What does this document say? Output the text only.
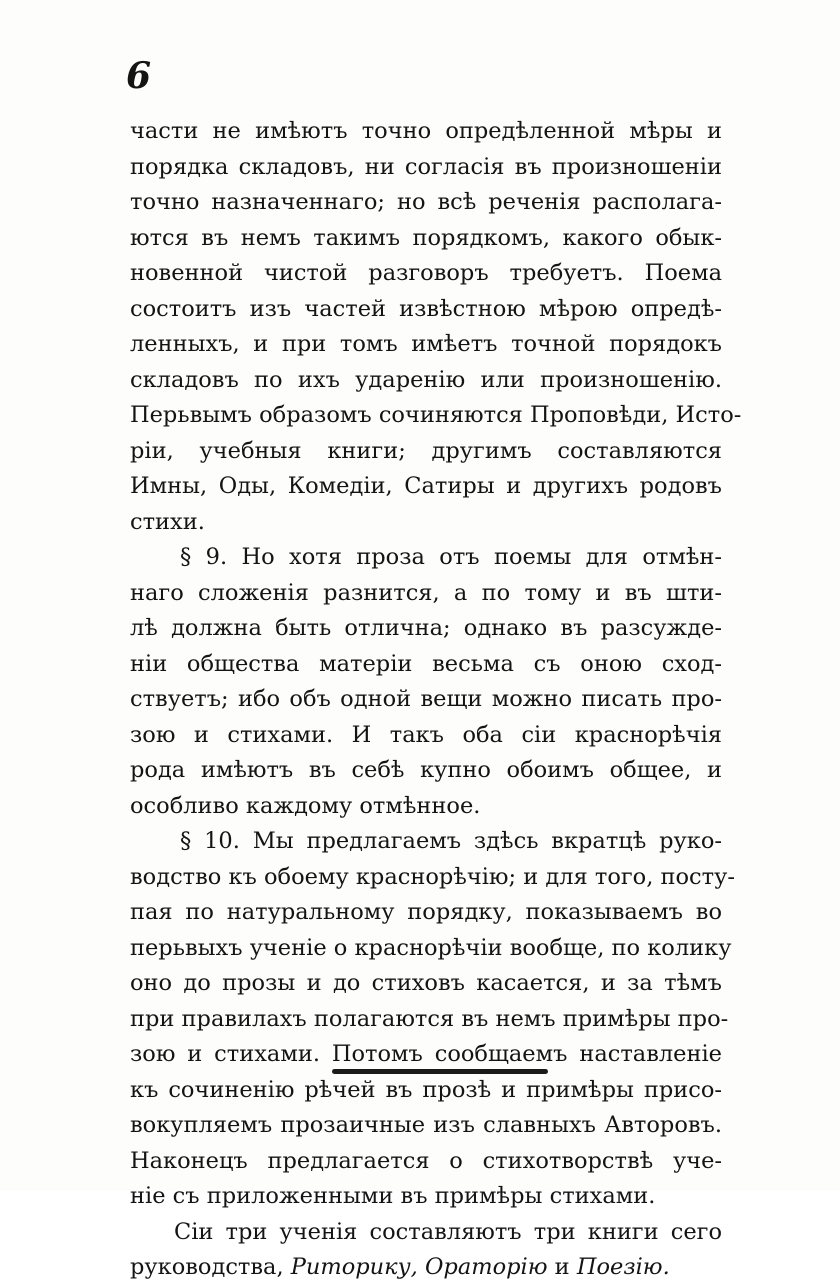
6
части не имѣютъ точно опредѣленной мѣры и
порядка складовъ, ни согласія въ произношеніи
точно назначеннаго; но всѣ реченія располага-
ются въ немъ такимъ порядкомъ, какого обык-
новенной чистой разговоръ требуетъ. Поема
состоитъ изъ частей извѣстною мѣрою опредѣ-
ленныхъ, и при томъ имѣетъ точной порядокъ
складовъ по ихъ ударенію или произношенію.
Перьвымъ образомъ сочиняются Проповѣди, Исто-
ріи, учебныя книги; другимъ составляются
Имны, Оды, Комедіи, Сатиры и другихъ родовъ
стихи.
§ 9. Но хотя проза отъ поемы для отмѣн-
наго сложенія разнится, а по тому и въ шти-
лѣ должна быть отлична; однако въ разсужде-
ніи общества матеріи весьма съ оною сход-
ствуетъ; ибо объ одной вещи можно писать про-
зою и стихами. И такъ оба сіи краснорѣчія
рода имѣютъ въ себѣ купно обоимъ общее, и
особливо каждому отмѣнное.
§ 10. Мы предлагаемъ здѣсь вкратцѣ руко-
водство къ обоему краснорѣчію; и для того, посту-
пая по натуральному порядку, показываемъ во
перьвыхъ ученіе о краснорѣчіи вообще, по колику
оно до прозы и до стиховъ касается, и за тѣмъ
при правилахъ полагаются въ немъ примѣры про-
зою и стихами. Потомъ сообщаемъ наставленіе
къ сочиненію рѣчей въ прозѣ и примѣры присо-
вокупляемъ прозаичные изъ славныхъ Авторовъ.
Наконецъ предлагается о стихотворствѣ уче-
ніе съ приложенными въ примѣры стихами.
Сіи три ученія составляютъ три книги сего
руководства, Риторику, Ораторію и Поезію.
